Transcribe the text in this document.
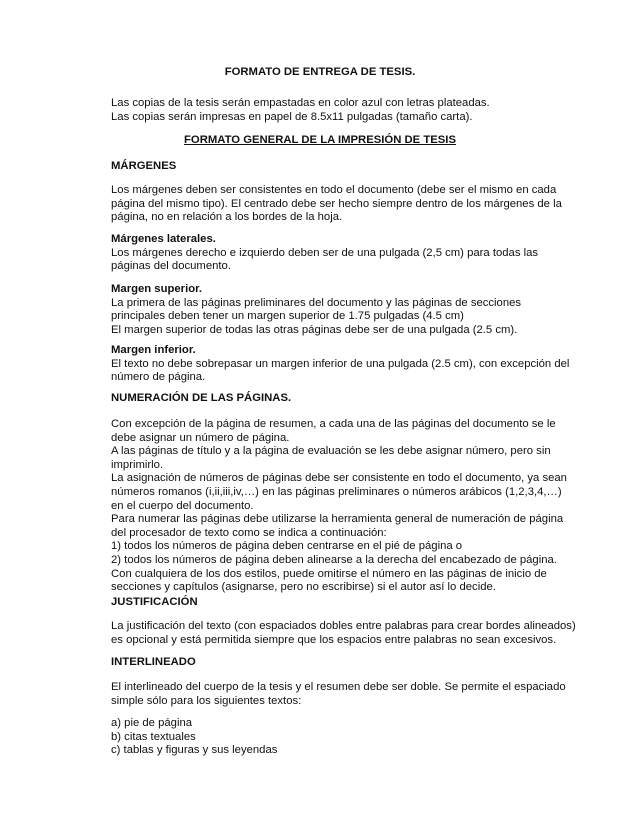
FORMATO DE ENTREGA DE TESIS.
Las copias de la tesis serán empastadas en color azul con letras plateadas.
Las copias serán impresas en papel de 8.5x11 pulgadas (tamaño carta).
FORMATO GENERAL DE LA IMPRESIÓN DE TESIS
MÁRGENES
Los márgenes deben ser consistentes en todo el documento (debe ser el mismo en cada
página del mismo tipo). El centrado debe ser hecho siempre dentro de los márgenes de la
página, no en relación a los bordes de la hoja.
Márgenes laterales.
Los márgenes derecho e izquierdo deben ser de una pulgada (2,5 cm) para todas las
páginas del documento.
Margen superior.
La primera de las páginas preliminares del documento y las páginas de secciones
principales deben tener un margen superior de 1.75 pulgadas (4.5 cm)
El margen superior de todas las otras páginas debe ser de una pulgada (2.5 cm).
Margen inferior.
El texto no debe sobrepasar un margen inferior de una pulgada (2.5 cm), con excepción del
número de página.
NUMERACIÓN DE LAS PÁGINAS.
Con excepción de la página de resumen, a cada una de las páginas del documento se le
debe asignar un número de página.
A las páginas de título y a la página de evaluación se les debe asignar número, pero sin
imprimirlo.
La asignación de números de páginas debe ser consistente en todo el documento, ya sean
números romanos (i,ii,iii,iv,…) en las páginas preliminares o números arábicos (1,2,3,4,…)
en el cuerpo del documento.
Para numerar las páginas debe utilizarse la herramienta general de numeración de página
del procesador de texto como se indica a continuación:
1) todos los números de página deben centrarse en el pié de página o
2) todos los números de página deben alinearse a la derecha del encabezado de página.
Con cualquiera de los dos estilos, puede omitirse el número en las páginas de inicio de
secciones y capítulos (asignarse, pero no escribirse) si el autor así lo decide.
JUSTIFICACIÓN
La justificación del texto (con espaciados dobles entre palabras para crear bordes alineados)
es opcional y está permitida siempre que los espacios entre palabras no sean excesivos.
INTERLINEADO
El interlineado del cuerpo de la tesis y el resumen debe ser doble. Se permite el espaciado
simple sólo para los siguientes textos:
a) pie de página
b) citas textuales
c) tablas y figuras y sus leyendas
